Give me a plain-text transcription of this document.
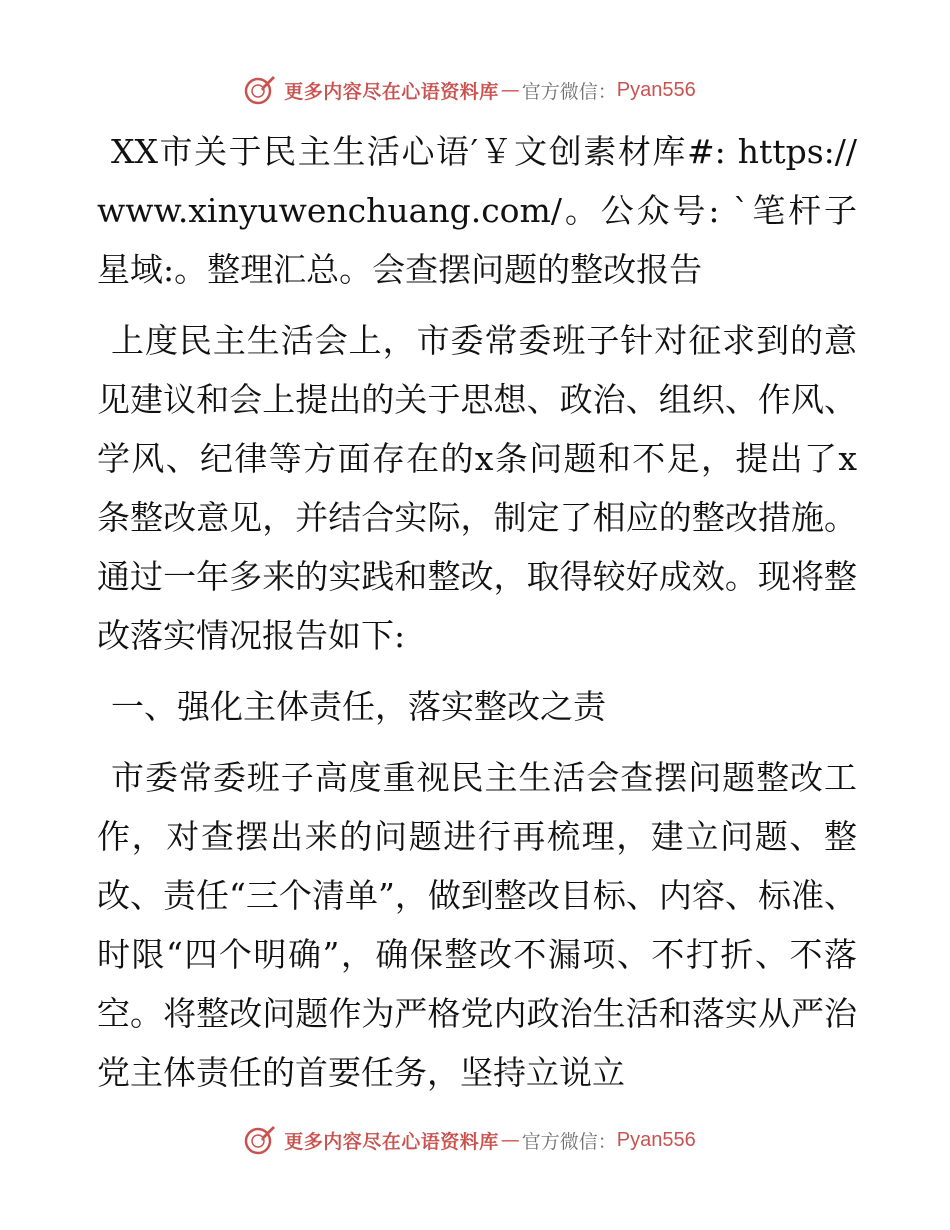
更多内容尽在心语资料库 — 官方微信： Pyan556

XX市关于民主生活心语′￥文创素材库#: https://www.xinyuwenchuang.com/。公众号: `笔杆子星域:。整理汇总。会查摆问题的整改报告

上度民主生活会上，市委常委班子针对征求到的意见建议和会上提出的关于思想、政治、组织、作风、学风、纪律等方面存在的x条问题和不足，提出了x条整改意见，并结合实际，制定了相应的整改措施。通过一年多来的实践和整改，取得较好成效。现将整改落实情况报告如下:

一、强化主体责任，落实整改之责

市委常委班子高度重视民主生活会查摆问题整改工作，对查摆出来的问题进行再梳理，建立问题、整改、责任“三个清单”，做到整改目标、内容、标准、时限“四个明确”，确保整改不漏项、不打折、不落空。将整改问题作为严格党内政治生活和落实从严治党主体责任的首要任务，坚持立说立

更多内容尽在心语资料库 — 官方微信： Pyan556
